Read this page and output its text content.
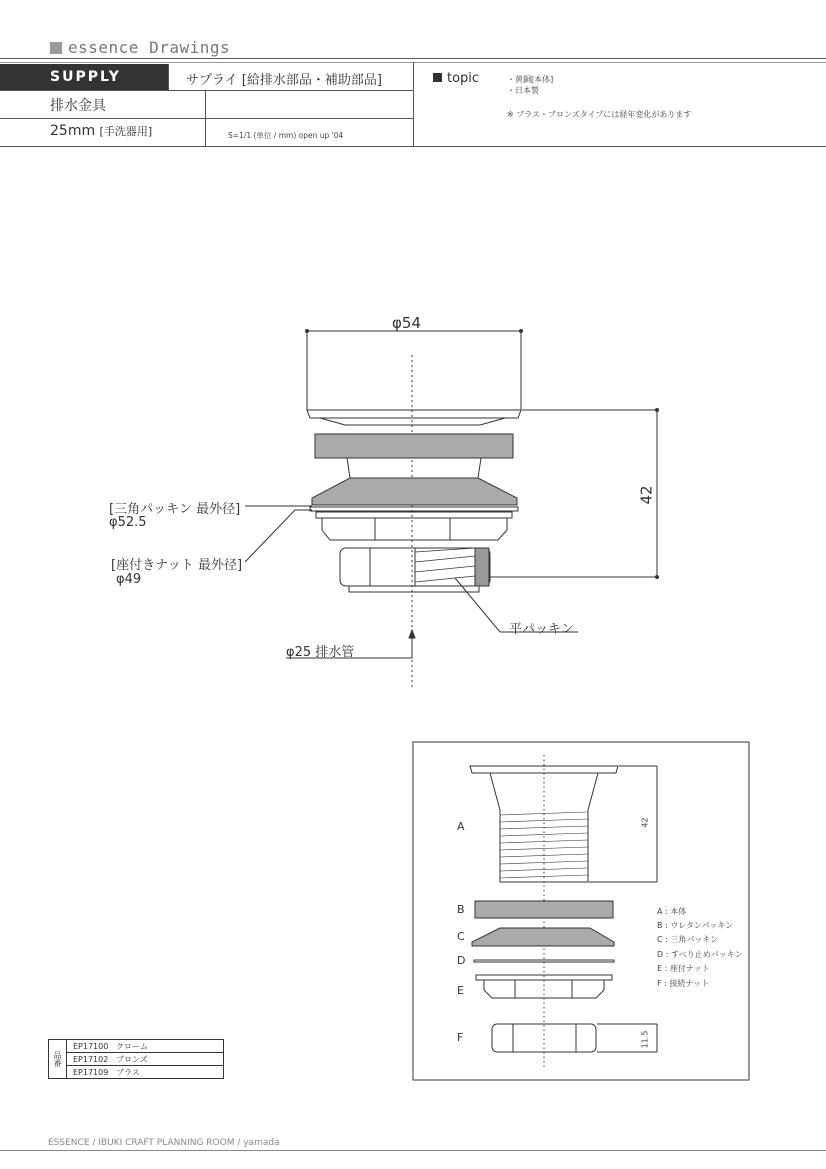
essence Drawings
SUPPLY	サプライ [給排水部品・補助部品]
排水金具
25mm [手洗器用]	S=1/1 (単位 / mm) open up '04
topic	・黄銅[本体]
・日本製
※ ブラス・ブロンズタイプには経年変化があります
φ54
42
[三角パッキン 最外径]
φ52.5
[座付きナット 最外径]
φ49
平パッキン
φ25 排水管
42
11.5
A
B
C
D
E
F
A : 本体
B : ウレタンパッキン
C : 三角パッキン
D : すべり止めパッキン
E : 座付ナット
F : 接続ナット
品番	EP17100 クローム
EP17102 ブロンズ
EP17109 ブラス
ESSENCE / IBUKI CRAFT PLANNING ROOM / yamada
